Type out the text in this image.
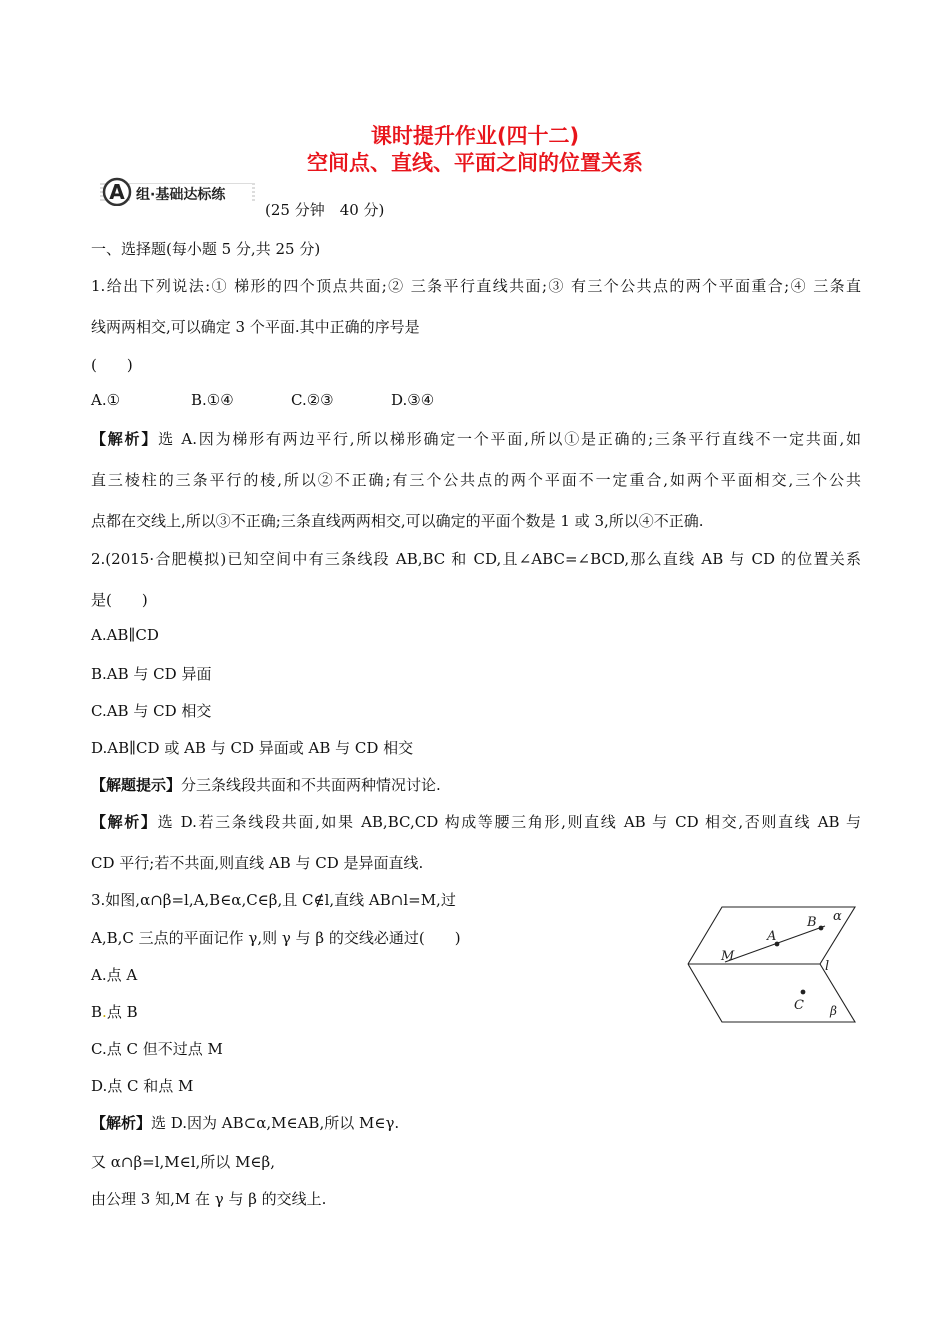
课时提升作业(四十二)
空间点、直线、平面之间的位置关系
A 组·基础达标练
(25 分钟　40 分)
一、选择题(每小题 5 分,共 25 分)
1.给出下列说法:① 梯形的四个顶点共面;② 三条平行直线共面;③ 有三个公共点的两个平面重合;④ 三条直
线两两相交,可以确定 3 个平面.其中正确的序号是
(　　)
A.①	B.①④	C.②③	D.③④
【解析】选 A.因为梯形有两边平行,所以梯形确定一个平面,所以①是正确的;三条平行直线不一定共面,如
直三棱柱的三条平行的棱,所以②不正确;有三个公共点的两个平面不一定重合,如两个平面相交,三个公共
点都在交线上,所以③不正确;三条直线两两相交,可以确定的平面个数是 1 或 3,所以④不正确.
2.(2015·合肥模拟)已知空间中有三条线段 AB,BC 和 CD,且∠ABC=∠BCD,那么直线 AB 与 CD 的位置关系
是(　　)
A.AB∥CD
B.AB 与 CD 异面
C.AB 与 CD 相交
D.AB∥CD 或 AB 与 CD 异面或 AB 与 CD 相交
【解题提示】分三条线段共面和不共面两种情况讨论.
【解析】选 D.若三条线段共面,如果 AB,BC,CD 构成等腰三角形,则直线 AB 与 CD 相交,否则直线 AB 与
CD 平行;若不共面,则直线 AB 与 CD 是异面直线.
3.如图,α∩β=l,A,B∈α,C∈β,且 C∉l,直线 AB∩l=M,过
A,B,C 三点的平面记作 γ,则 γ 与 β 的交线必通过(　　)
A.点 A
B.点 B
C.点 C 但不过点 M
D.点 C 和点 M
【解析】选 D.因为 AB⊂α,M∈AB,所以 M∈γ.
又 α∩β=l,M∈l,所以 M∈β,
由公理 3 知,M 在 γ 与 β 的交线上.
α
B
A
M
l
C β
